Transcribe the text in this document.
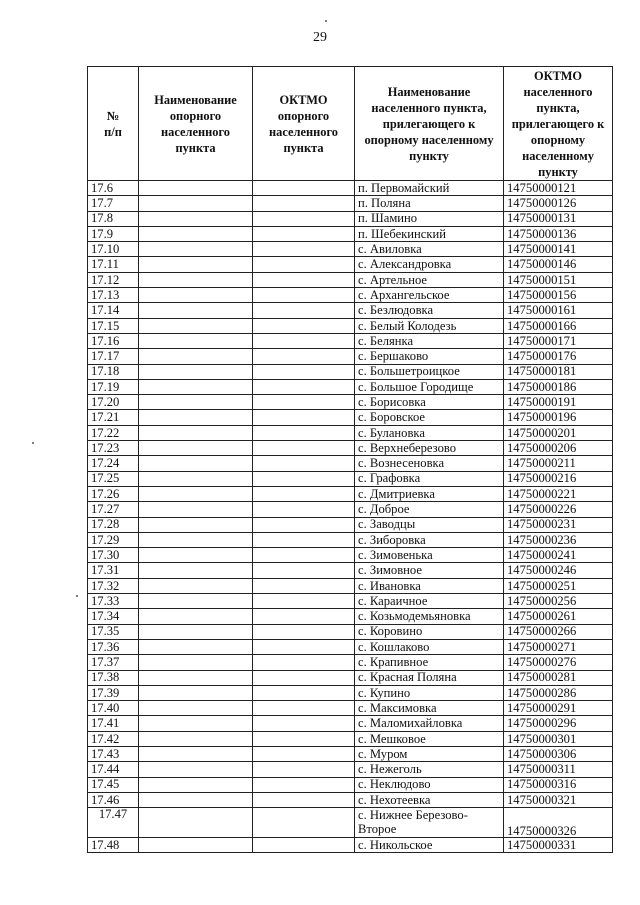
29
№
п/п	Наименование опорного населенного пункта	ОКТМО опорного населенного пункта	Наименование населенного пункта, прилегающего к опорному населенному пункту	ОКТМО населенного пункта, прилегающего к опорному населенному пункту
17.6			п. Первомайский	14750000121
17.7			п. Поляна	14750000126
17.8			п. Шамино	14750000131
17.9			п. Шебекинский	14750000136
17.10			с. Авиловка	14750000141
17.11			с. Александровка	14750000146
17.12			с. Артельное	14750000151
17.13			с. Архангельское	14750000156
17.14			с. Безлюдовка	14750000161
17.15			с. Белый Колодезь	14750000166
17.16			с. Белянка	14750000171
17.17			с. Бершаково	14750000176
17.18			с. Большетроицкое	14750000181
17.19			с. Большое Городище	14750000186
17.20			с. Борисовка	14750000191
17.21			с. Боровское	14750000196
17.22			с. Булановка	14750000201
17.23			с. Верхнеберезово	14750000206
17.24			с. Вознесеновка	14750000211
17.25			с. Графовка	14750000216
17.26			с. Дмитриевка	14750000221
17.27			с. Доброе	14750000226
17.28			с. Заводцы	14750000231
17.29			с. Зиборовка	14750000236
17.30			с. Зимовенька	14750000241
17.31			с. Зимовное	14750000246
17.32			с. Ивановка	14750000251
17.33			с. Караичное	14750000256
17.34			с. Козьмодемьяновка	14750000261
17.35			с. Коровино	14750000266
17.36			с. Кошлаково	14750000271
17.37			с. Крапивное	14750000276
17.38			с. Красная Поляна	14750000281
17.39			с. Купино	14750000286
17.40			с. Максимовка	14750000291
17.41			с. Маломихайловка	14750000296
17.42			с. Мешковое	14750000301
17.43			с. Муром	14750000306
17.44			с. Нежеголь	14750000311
17.45			с. Неклюдово	14750000316
17.46			с. Нехотеевка	14750000321
17.47			с. Нижнее Березово-Второе	14750000326
17.48			с. Никольское	14750000331
